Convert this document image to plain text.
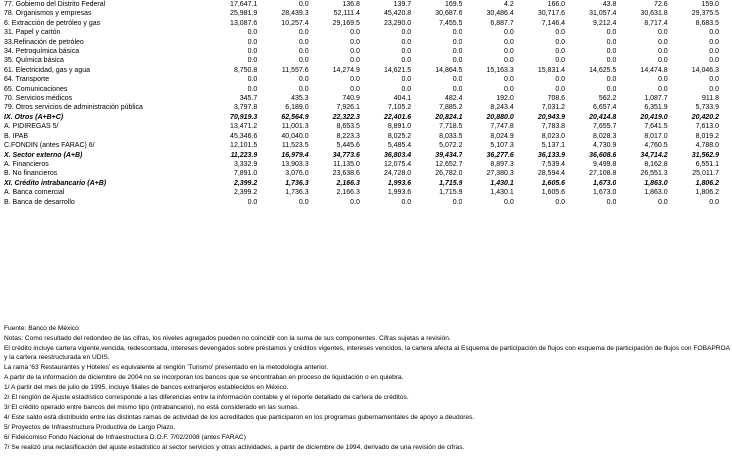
77. Gobierno del Distrito Federal	17,647.1	0.0	136.8	139.7	169.5	4.2	166.0	43.8	72.6	159.0
78. Organismos y empresas	25,981.9	28,439.3	52,111.4	45,420.8	30,687.6	30,486.4	30,717.6	31,057.4	30,631.8	29,375.5
6. Extracción de petróleo y gas	13,087.6	10,257.4	29,169.5	23,290.0	7,455.5	6,887.7	7,146.4	9,212.4	8,717.4	8,683.5
31. Papel y cartón	0.0	0.0	0.0	0.0	0.0	0.0	0.0	0.0	0.0	0.0
33.Refinación de petróleo	0.0	0.0	0.0	0.0	0.0	0.0	0.0	0.0	0.0	0.0
34. Petroquímica básica	0.0	0.0	0.0	0.0	0.0	0.0	0.0	0.0	0.0	0.0
35. Química básica	0.0	0.0	0.0	0.0	0.0	0.0	0.0	0.0	0.0	0.0
61. Electricidad, gas y agua	8,750.8	11,557.6	14,274.9	14,621.5	14,864.5	15,163.3	15,831.4	14,625.5	14,474.8	14,046.3
64. Transporte	0.0	0.0	0.0	0.0	0.0	0.0	0.0	0.0	0.0	0.0
65. Comunicaciones	0.0	0.0	0.0	0.0	0.0	0.0	0.0	0.0	0.0	0.0
70. Servicios médicos	345.7	435.3	740.9	404.1	482.4	192.0	708.6	562.2	1,087.7	911.8
79. Otros servicios de administración pública	3,797.8	6,189.0	7,926.1	7,105.2	7,885.2	8,243.4	7,031.2	6,657.4	6,351.9	5,733.9
IX. Otros (A+B+C)	70,919.3	62,564.9	22,322.3	22,401.6	20,824.1	20,880.0	20,943.9	20,414.8	20,419.0	20,420.2
A. PIDIREGAS 5/	13,471.2	11,001.3	8,653.5	8,891.0	7,718.5	7,747.8	7,783.8	7,655.7	7,641.5	7,613.0
B. IPAB	45,346.6	40,040.0	8,223.3	8,025.2	8,033.5	8,024.9	8,023.0	8,028.3	8,017.0	8,019.2
C.FONDIN (antes FARAC) 6/	12,101.5	11,523.5	5,445.6	5,485.4	5,072.2	5,107.3	5,137.1	4,730.9	4,760.5	4,788.0
X. Sector externo (A+B)	11,223.9	16,979.4	34,773.6	36,803.4	39,434.7	36,277.6	36,133.9	36,608.6	34,714.2	31,562.9
A. Financieros	3,332.9	13,903.3	11,135.0	12,075.4	12,652.7	8,897.3	7,539.4	9,499.8	8,162.8	6,551.1
B. No financieros	7,891.0	3,076.0	23,638.6	24,728.0	26,782.0	27,380.3	28,594.4	27,108.8	26,551.3	25,011.7
XI. Crédito intrabancario (A+B)	2,399.2	1,736.3	2,166.3	1,993.6	1,715.9	1,430.1	1,605.6	1,673.0	1,863.0	1,806.2
A. Banca comercial	2,399.2	1,736.3	2,166.3	1,993.6	1,715.9	1,430.1	1,605.6	1,673.0	1,863.0	1,806.2
B. Banca de desarrollo	0.0	0.0	0.0	0.0	0.0	0.0	0.0	0.0	0.0	0.0
Fuente: Banco de México
Notas: Como resultado del redondeo de las cifras, los niveles agregados pueden no coincidir con la suma de sus componentes. Cifras sujetas a revisión.
El crédito incluye cartera vigente,vencida, redescontada, intereses devengados sobre préstamos y créditos vigentes, intereses vencidos, la cartera afecta al Esquema de participación de flujos con esquema de participación de flujos con FOBAPROA y la cartera reestructurada en UDIS.
La rama '63 Restaurantes y Hoteles' es equivalente al renglón 'Turismo' presentado en la metodología anterior.
A partir de la información de diciembre de 2004 no se incorporan los bancos que se encontraban en proceso de liquidación o en quiebra.
1/ A partir del mes de julio de 1995, incluye filiales de bancos extranjeros establecidos en México.
2/ El renglón de Ajuste estadístico corresponde a las diferencias entre la información contable y el reporte detallado de cartera de créditos.
3/ El crédito operado entre bancos del mismo tipo (intrabancario), no está considerado en las sumas.
4/ Este saldo está distribuido entre las distintas ramas de actividad de los acreditados que participaron en los programas gubernamentales de apoyo a deudores.
5/ Proyectos de Infraestructura Productiva de Largo Plazo.
6/ Fideicomiso Fondo Nacional de Infraestructura D.O.F. 7/02/2008 (antes FARAC)
7/ Se realizó una reclasificación del ajuste estadístico al sector servicios y otras actividades, a partir de diciembre de 1994, derivado de una revisión de cifras.
